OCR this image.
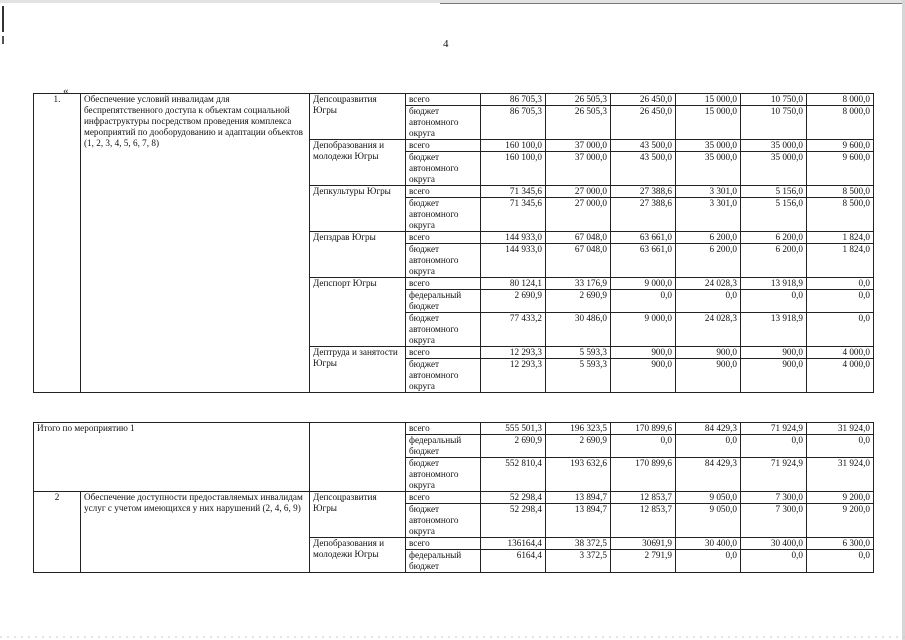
4
«
1.	Обеспечение условий инвалидам для беспрепятственного доступа к объектам социальной инфраструктуры посредством проведения комплекса мероприятий по дооборудованию и адаптации объектов (1, 2, 3, 4, 5, 6, 7, 8)	Депсоцразвития Югры	всего	86 705,3	26 505,3	26 450,0	15 000,0	10 750,0	8 000,0
			бюджет автономного округа	86 705,3	26 505,3	26 450,0	15 000,0	10 750,0	8 000,0
		Депобразования и молодежи Югры	всего	160 100,0	37 000,0	43 500,0	35 000,0	35 000,0	9 600,0
			бюджет автономного округа	160 100,0	37 000,0	43 500,0	35 000,0	35 000,0	9 600,0
		Депкультуры Югры	всего	71 345,6	27 000,0	27 388,6	3 301,0	5 156,0	8 500,0
			бюджет автономного округа	71 345,6	27 000,0	27 388,6	3 301,0	5 156,0	8 500,0
		Депздрав Югры	всего	144 933,0	67 048,0	63 661,0	6 200,0	6 200,0	1 824,0
			бюджет автономного округа	144 933,0	67 048,0	63 661,0	6 200,0	6 200,0	1 824,0
		Депспорт Югры	всего	80 124,1	33 176,9	9 000,0	24 028,3	13 918,9	0,0
			федеральный бюджет	2 690,9	2 690,9	0,0	0,0	0,0	0,0
			бюджет автономного округа	77 433,2	30 486,0	9 000,0	24 028,3	13 918,9	0,0
		Дептруда и занятости Югры	всего	12 293,3	5 593,3	900,0	900,0	900,0	4 000,0
			бюджет автономного округа	12 293,3	5 593,3	900,0	900,0	900,0	4 000,0
Итого по мероприятию 1			всего	555 501,3	196 323,5	170 899,6	84 429,3	71 924,9	31 924,0
			федеральный бюджет	2 690,9	2 690,9	0,0	0,0	0,0	0,0
			бюджет автономного округа	552 810,4	193 632,6	170 899,6	84 429,3	71 924,9	31 924,0
2	Обеспечение доступности предоставляемых инвалидам услуг с учетом имеющихся у них нарушений (2, 4, 6, 9)	Депсоцразвития Югры	всего	52 298,4	13 894,7	12 853,7	9 050,0	7 300,0	9 200,0
			бюджет автономного округа	52 298,4	13 894,7	12 853,7	9 050,0	7 300,0	9 200,0
		Депобразования и молодежи Югры	всего	136164,4	38 372,5	30691,9	30 400,0	30 400,0	6 300,0
			федеральный бюджет	6164,4	3 372,5	2 791,9	0,0	0,0	0,0
